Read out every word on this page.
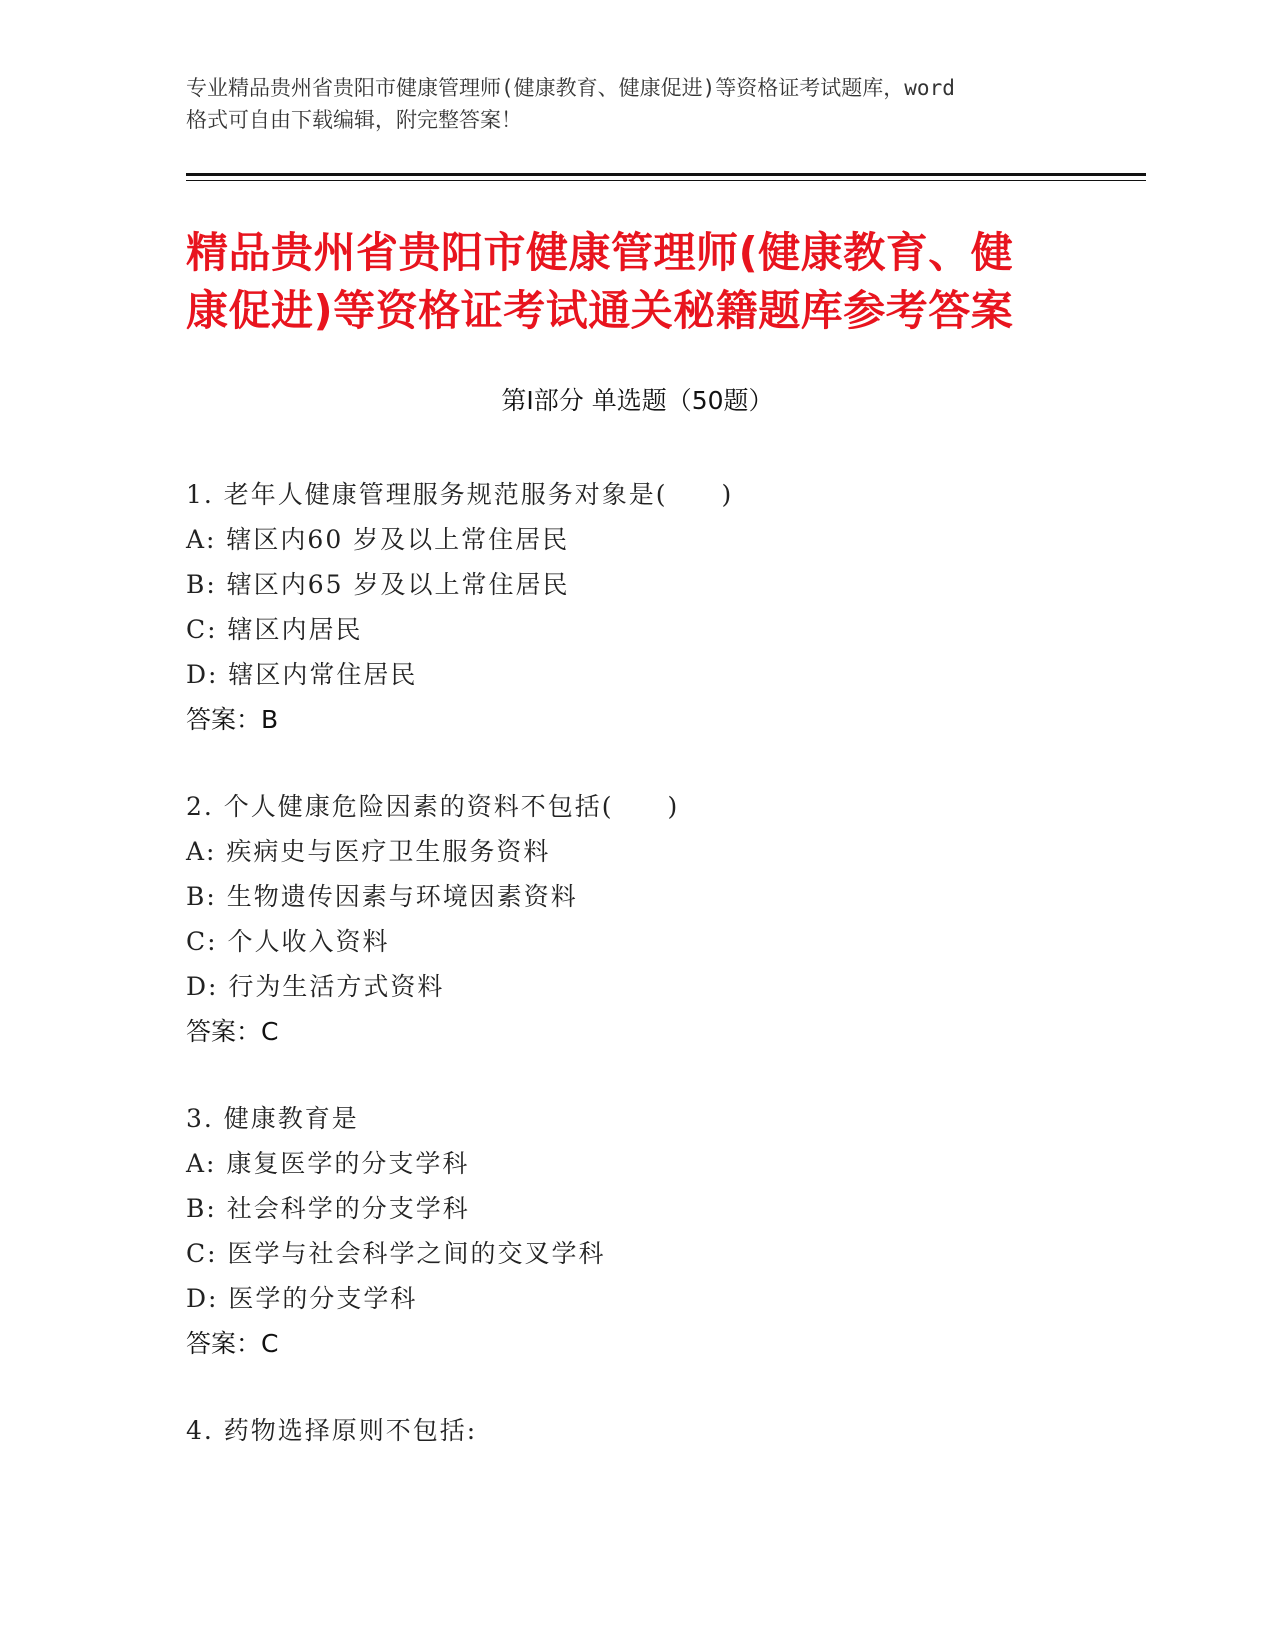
专业精品贵州省贵阳市健康管理师(健康教育、健康促进)等资格证考试题库，word
格式可自由下载编辑，附完整答案！
精品贵州省贵阳市健康管理师(健康教育、健
康促进)等资格证考试通关秘籍题库参考答案
第Ⅰ部分 单选题（50题）
1. 老年人健康管理服务规范服务对象是(　　)
A: 辖区内60 岁及以上常住居民
B: 辖区内65 岁及以上常住居民
C: 辖区内居民
D: 辖区内常住居民
答案：B
2. 个人健康危险因素的资料不包括(　　)
A: 疾病史与医疗卫生服务资料
B: 生物遗传因素与环境因素资料
C: 个人收入资料
D: 行为生活方式资料
答案：C
3. 健康教育是
A: 康复医学的分支学科
B: 社会科学的分支学科
C: 医学与社会科学之间的交叉学科
D: 医学的分支学科
答案：C
4. 药物选择原则不包括:
